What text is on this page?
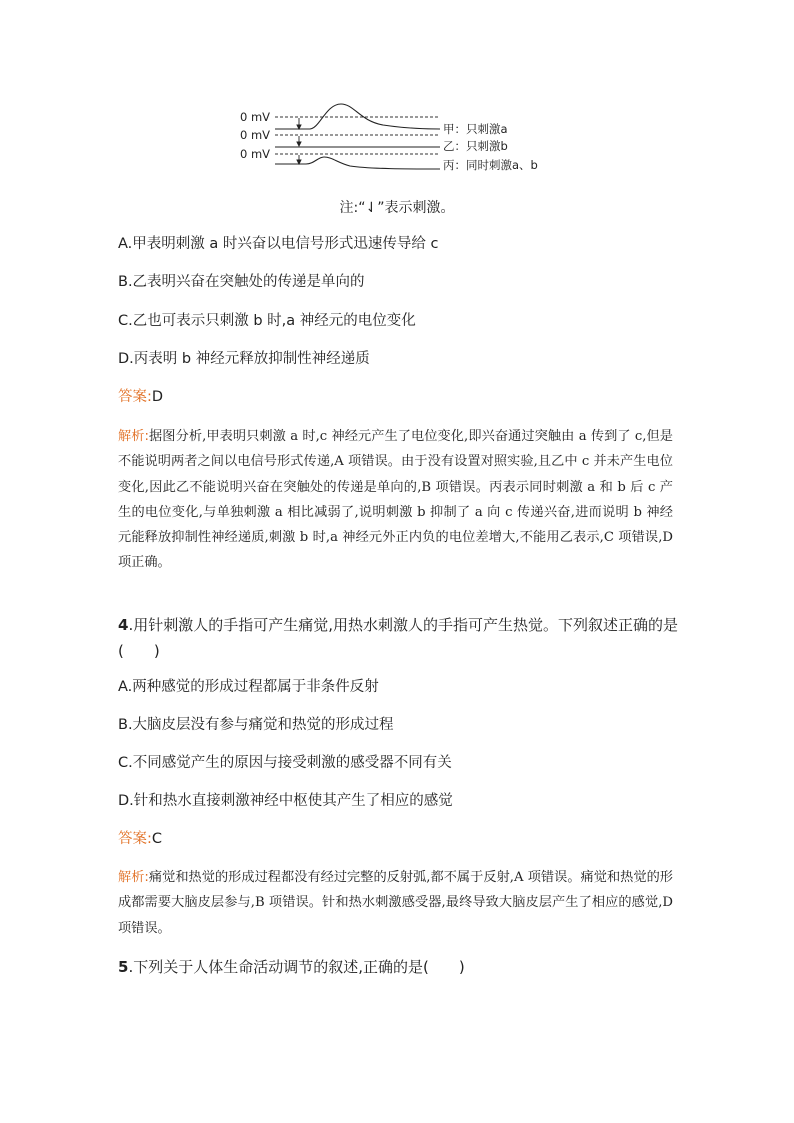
0 mV
0 mV
0 mV
甲：只刺激a
乙：只刺激b
丙：同时刺激a、b
注:“⇃”表示刺激。
A.甲表明刺激 a 时兴奋以电信号形式迅速传导给 c
B.乙表明兴奋在突触处的传递是单向的
C.乙也可表示只刺激 b 时,a 神经元的电位变化
D.丙表明 b 神经元释放抑制性神经递质
答案:D
解析:据图分析,甲表明只刺激 a 时,c 神经元产生了电位变化,即兴奋通过突触由 a 传到了 c,但是不能说明两者之间以电信号形式传递,A 项错误。由于没有设置对照实验,且乙中 c 并未产生电位变化,因此乙不能说明兴奋在突触处的传递是单向的,B 项错误。丙表示同时刺激 a 和 b 后 c 产生的电位变化,与单独刺激 a 相比减弱了,说明刺激 b 抑制了 a 向 c 传递兴奋,进而说明 b 神经元能释放抑制性神经递质,刺激 b 时,a 神经元外正内负的电位差增大,不能用乙表示,C 项错误,D 项正确。
4.用针刺激人的手指可产生痛觉,用热水刺激人的手指可产生热觉。下列叙述正确的是(　　)
A.两种感觉的形成过程都属于非条件反射
B.大脑皮层没有参与痛觉和热觉的形成过程
C.不同感觉产生的原因与接受刺激的感受器不同有关
D.针和热水直接刺激神经中枢使其产生了相应的感觉
答案:C
解析:痛觉和热觉的形成过程都没有经过完整的反射弧,都不属于反射,A 项错误。痛觉和热觉的形成都需要大脑皮层参与,B 项错误。针和热水刺激感受器,最终导致大脑皮层产生了相应的感觉,D 项错误。
5.下列关于人体生命活动调节的叙述,正确的是(　　)
